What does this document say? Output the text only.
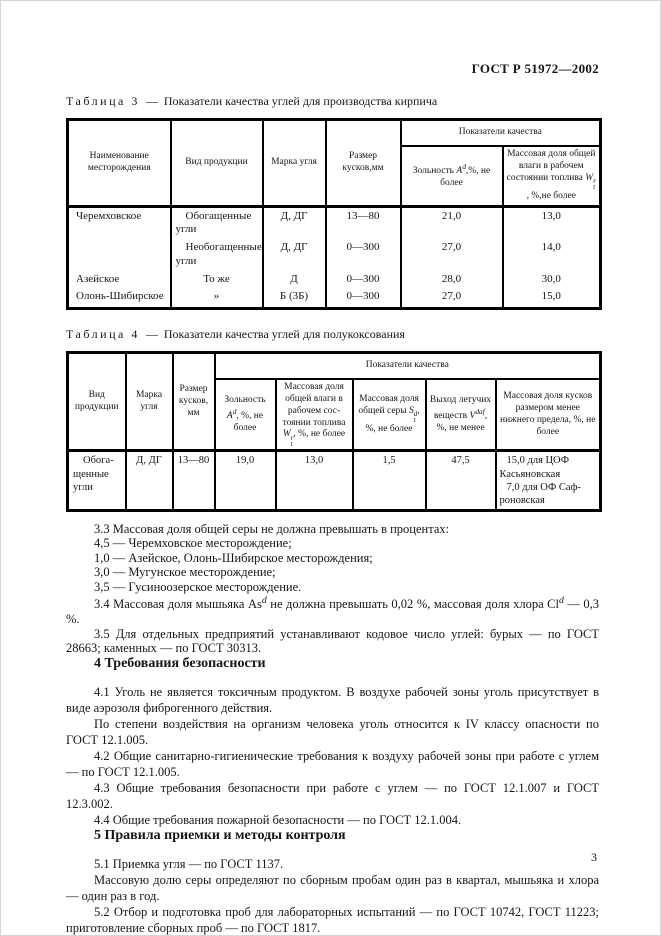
ГОСТ Р 51972—2002
Таблица 3 — Показатели качества углей для производства кирпича
Наименование месторождения	Вид продукции	Марка угля	Размер кусков,мм	Показатели качества	
				Зольность $A^d,\%$, не более	Массовая доля общей влаги в рабочем состоянии топлива W r
t
, %,не более
Черемховское	Обогащенные угли	Д, ДГ	13—80	21,0	13,0
	Необогащенные угли	Д, ДГ	0—300	27,0	14,0
Азейское	То же	Д	0—300	28,0	30,0
Олонь-Шибирское	»	Б (3Б)	0—300	27,0	15,0
Таблица 4 — Показатели качества углей для полукоксования
Вид продукции	Марка угля	Размер кусков, мм	Показатели качества				
			Зольность $A^d$, %, не более	Массовая доля общей влаги в рабочем состоянии топлива W r
t
, %, не более	Массовая доля общей серы S d
t
, %, не более	Выход летучих веществ $V^{daf}$, %, не менее	Массовая доля кусков размером менее нижнего предела, %, не более
Обогащенные угли	Д, ДГ	13—80	19,0	13,0	1,5	47,5	15,0 для ЦОФ Касьяновская
7,0 для ОФ Саф-роновская

3.3 Массовая доля общей серы не должна превышать в процентах:

4,5 — Черемховское месторождение;

1,0 — Азейское, Олонь-Шибирское месторождения;

3,0 — Мугунское месторождение;

3,5 — Гусиноозерское месторождение.

3.4 Массовая доля мышьяка As$^d$ не должна превышать 0,02 %, массовая доля хлора Cl$^d$ — 0,3 %.

3.5 Для отдельных предприятий устанавливают кодовое число углей: бурых — по ГОСТ 28663; каменных — по ГОСТ 30313.

4 Требования безопасности

4.1 Уголь не является токсичным продуктом. В воздухе рабочей зоны уголь присутствует в виде аэрозоля фиброгенного действия.

По степени воздействия на организм человека уголь относится к IV классу опасности по ГОСТ 12.1.005.

4.2 Общие санитарно-гигиенические требования к воздуху рабочей зоны при работе с углем — по ГОСТ 12.1.005.

4.3 Общие требования безопасности при работе с углем — по ГОСТ 12.1.007 и ГОСТ 12.3.002.

4.4 Общие требования пожарной безопасности — по ГОСТ 12.1.004.

5 Правила приемки и методы контроля

5.1 Приемка угля — по ГОСТ 1137.

Массовую долю серы определяют по сборным пробам один раз в квартал, мышьяка и хлора — один раз в год.

5.2 Отбор и подготовка проб для лабораторных испытаний — по ГОСТ 10742, ГОСТ 11223; приготовление сборных проб — по ГОСТ 1817.

3
